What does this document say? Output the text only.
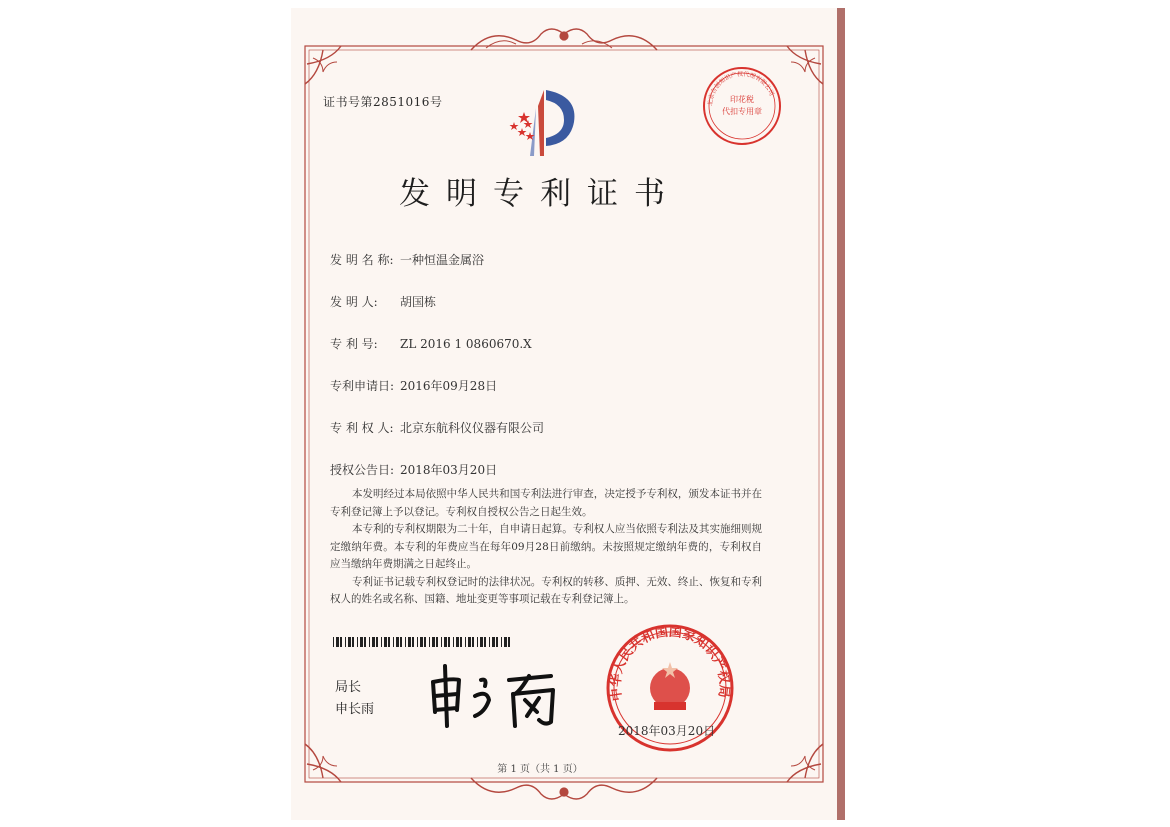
证书号第2851016号	印花税
代扣专用章
北京合创知识产权代理有限公司
发明专利证书
发 明 名 称: 一种恒温金属浴
发 明 人: 胡国栋
专 利 号: ZL 2016 1 0860670.X
专利申请日: 2016年09月28日
专 利 权 人: 北京东航科仪仪器有限公司
授权公告日: 2018年03月20日

本发明经过本局依照中华人民共和国专利法进行审查，决定授予专利权，颁发本证书并在专利登记簿上予以登记。专利权自授权公告之日起生效。

本专利的专利权期限为二十年，自申请日起算。专利权人应当依照专利法及其实施细则规定缴纳年费。本专利的年费应当在每年09月28日前缴纳。未按照规定缴纳年费的，专利权自应当缴纳年费期满之日起终止。

专利证书记载专利权登记时的法律状况。专利权的转移、质押、无效、终止、恢复和专利权人的姓名或名称、国籍、地址变更等事项记载在专利登记簿上。

局长
申长雨
中华人民共和国国家知识产权局
2018年03月20日
第 1 页（共 1 页）
